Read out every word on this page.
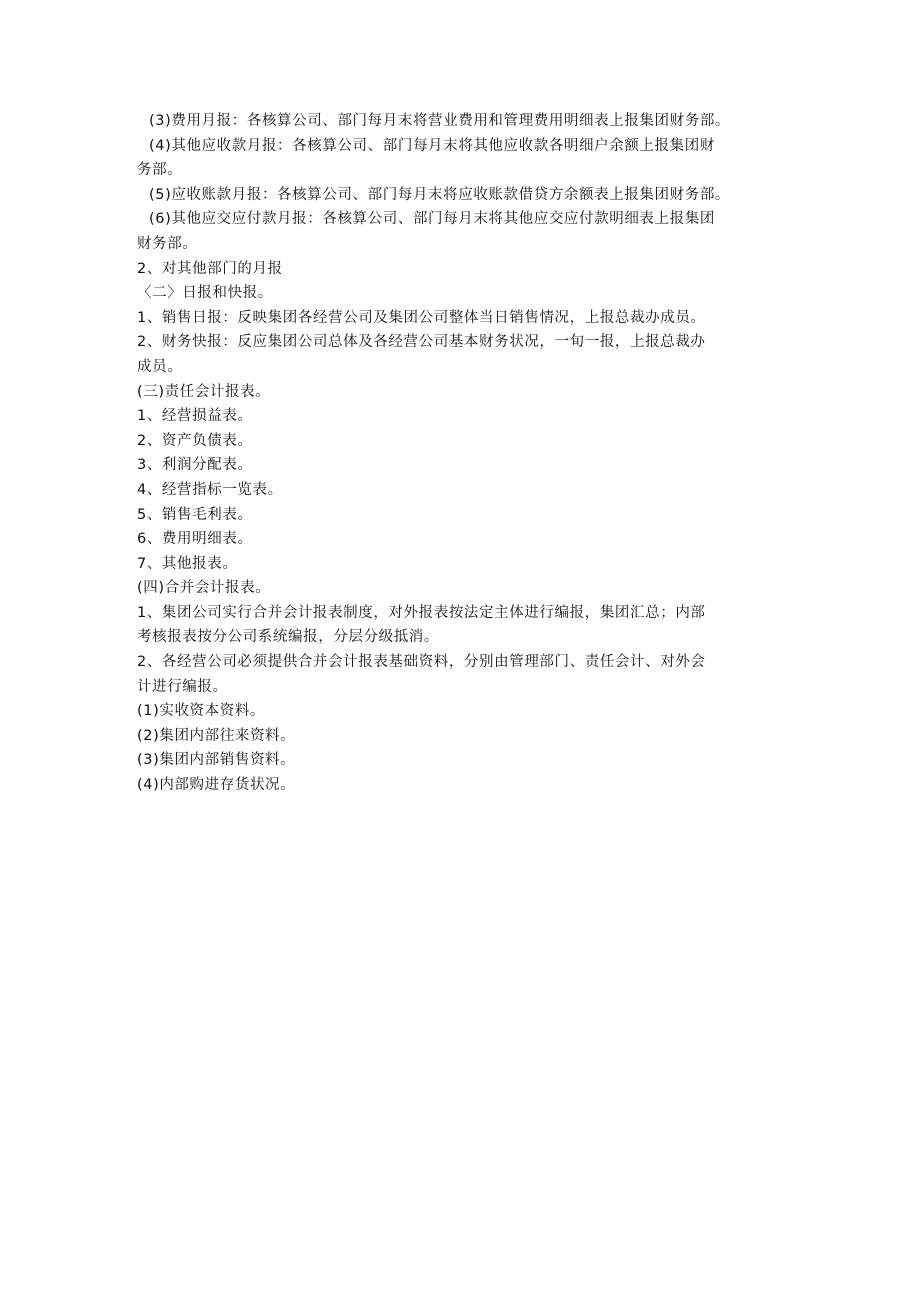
(3)费用月报：各核算公司、部门每月末将营业费用和管理费用明细表上报集团财务部。
(4)其他应收款月报：各核算公司、部门每月末将其他应收款各明细户余额上报集团财
务部。
(5)应收账款月报：各核算公司、部门每月末将应收账款借贷方余额表上报集团财务部。
(6)其他应交应付款月报：各核算公司、部门每月末将其他应交应付款明细表上报集团
财务部。
2、对其他部门的月报
〈二〉日报和快报。
1、销售日报：反映集团各经营公司及集团公司整体当日销售情况，上报总裁办成员。
2、财务快报：反应集团公司总体及各经营公司基本财务状况，一旬一报，上报总裁办
成员。
(三)责任会计报表。
1、经营损益表。
2、资产负债表。
3、利润分配表。
4、经营指标一览表。
5、销售毛利表。
6、费用明细表。
7、其他报表。
(四)合并会计报表。
1、集团公司实行合并会计报表制度，对外报表按法定主体进行编报，集团汇总；内部
考核报表按分公司系统编报，分层分级抵消。
2、各经营公司必须提供合并会计报表基础资料，分别由管理部门、责任会计、对外会
计进行编报。
(1)实收资本资料。
(2)集团内部往来资料。
(3)集团内部销售资料。
(4)内部购进存货状况。
